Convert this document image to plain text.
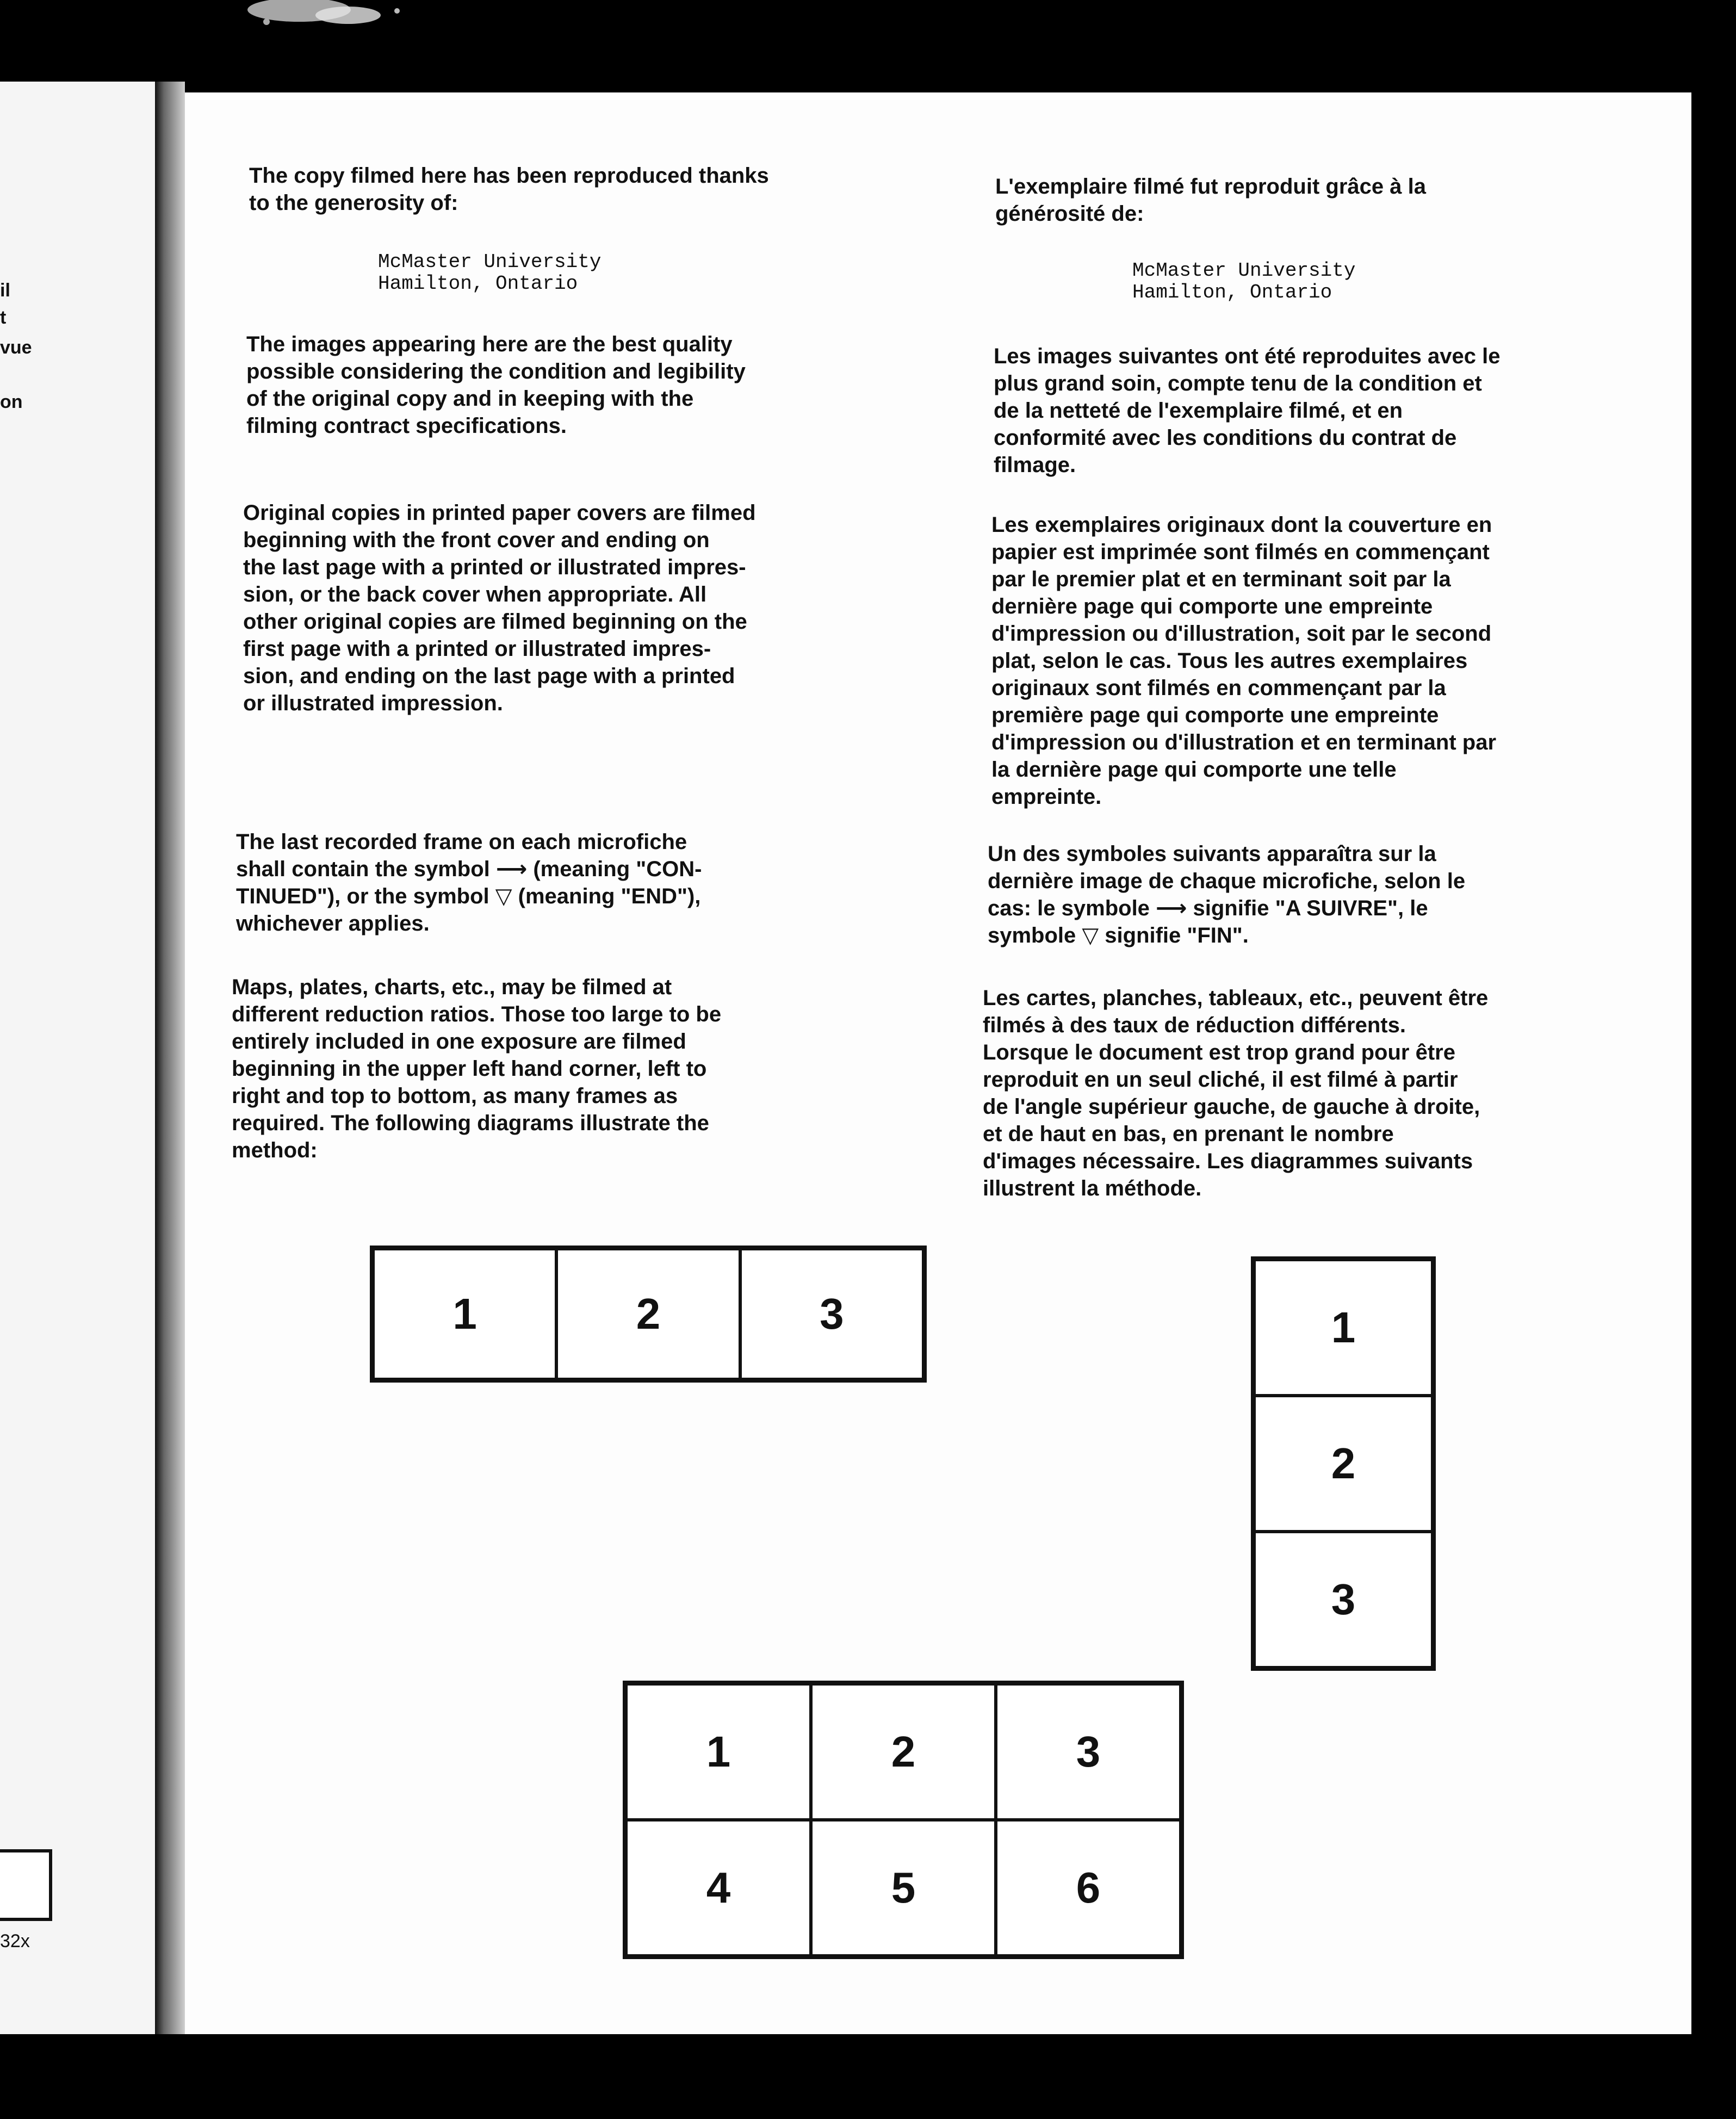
il
t
vue
on
32x

The copy filmed here has been reproduced thanks
to the generosity of:

McMaster University
Hamilton, Ontario

The images appearing here are the best quality
possible considering the condition and legibility
of the original copy and in keeping with the
filming contract specifications.

Original copies in printed paper covers are filmed
beginning with the front cover and ending on
the last page with a printed or illustrated impres-
sion, or the back cover when appropriate. All
other original copies are filmed beginning on the
first page with a printed or illustrated impres-
sion, and ending on the last page with a printed
or illustrated impression.

The last recorded frame on each microfiche
shall contain the symbol ⟶ (meaning "CON-
TINUED"), or the symbol ▽ (meaning "END"),
whichever applies.

Maps, plates, charts, etc., may be filmed at
different reduction ratios. Those too large to be
entirely included in one exposure are filmed
beginning in the upper left hand corner, left to
right and top to bottom, as many frames as
required. The following diagrams illustrate the
method:

L'exemplaire filmé fut reproduit grâce à la
générosité de:

McMaster University
Hamilton, Ontario

Les images suivantes ont été reproduites avec le
plus grand soin, compte tenu de la condition et
de la netteté de l'exemplaire filmé, et en
conformité avec les conditions du contrat de
filmage.

Les exemplaires originaux dont la couverture en
papier est imprimée sont filmés en commençant
par le premier plat et en terminant soit par la
dernière page qui comporte une empreinte
d'impression ou d'illustration, soit par le second
plat, selon le cas. Tous les autres exemplaires
originaux sont filmés en commençant par la
première page qui comporte une empreinte
d'impression ou d'illustration et en terminant par
la dernière page qui comporte une telle
empreinte.

Un des symboles suivants apparaîtra sur la
dernière image de chaque microfiche, selon le
cas: le symbole ⟶ signifie "A SUIVRE", le
symbole ▽ signifie "FIN".

Les cartes, planches, tableaux, etc., peuvent être
filmés à des taux de réduction différents.
Lorsque le document est trop grand pour être
reproduit en un seul cliché, il est filmé à partir
de l'angle supérieur gauche, de gauche à droite,
et de haut en bas, en prenant le nombre
d'images nécessaire. Les diagrammes suivants
illustrent la méthode.

1	2	3	1
2
3
1	2	3
4	5	6
